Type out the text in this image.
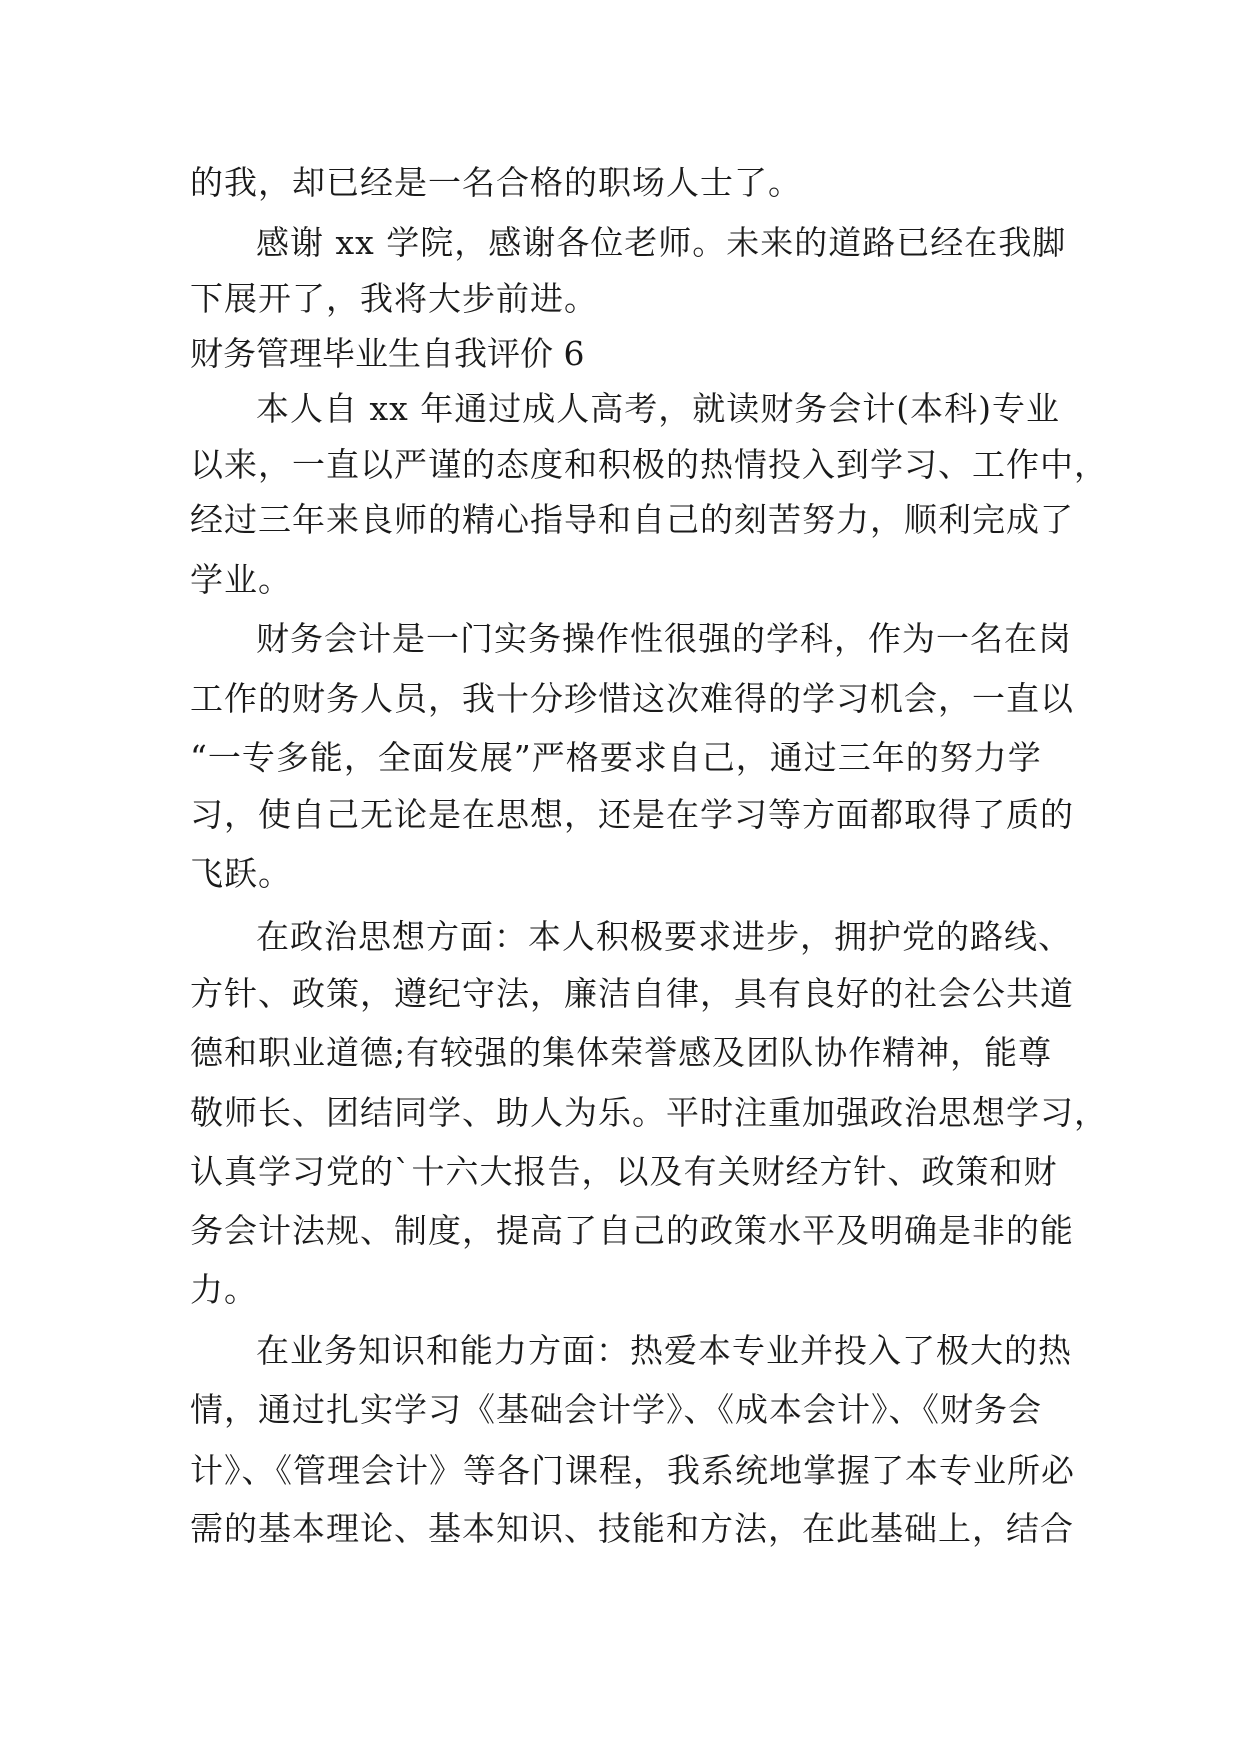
的我，却已经是一名合格的职场人士了。
感谢 xx 学院，感谢各位老师。未来的道路已经在我脚
下展开了，我将大步前进。
财务管理毕业生自我评价 6
本人自 xx 年通过成人高考，就读财务会计(本科)专业
以来，一直以严谨的态度和积极的热情投入到学习、工作中，
经过三年来良师的精心指导和自己的刻苦努力，顺利完成了
学业。
财务会计是一门实务操作性很强的学科，作为一名在岗
工作的财务人员，我十分珍惜这次难得的学习机会，一直以
“一专多能，全面发展”严格要求自己，通过三年的努力学
习，使自己无论是在思想，还是在学习等方面都取得了质的
飞跃。
在政治思想方面：本人积极要求进步，拥护党的路线、
方针、政策，遵纪守法，廉洁自律，具有良好的社会公共道
德和职业道德;有较强的集体荣誉感及团队协作精神，能尊
敬师长、团结同学、助人为乐。平时注重加强政治思想学习，
认真学习党的`十六大报告，以及有关财经方针、政策和财
务会计法规、制度，提高了自己的政策水平及明确是非的能
力。
在业务知识和能力方面：热爱本专业并投入了极大的热
情，通过扎实学习《基础会计学》、《成本会计》、《财务会
计》、《管理会计》等各门课程，我系统地掌握了本专业所必
需的基本理论、基本知识、技能和方法，在此基础上，结合
